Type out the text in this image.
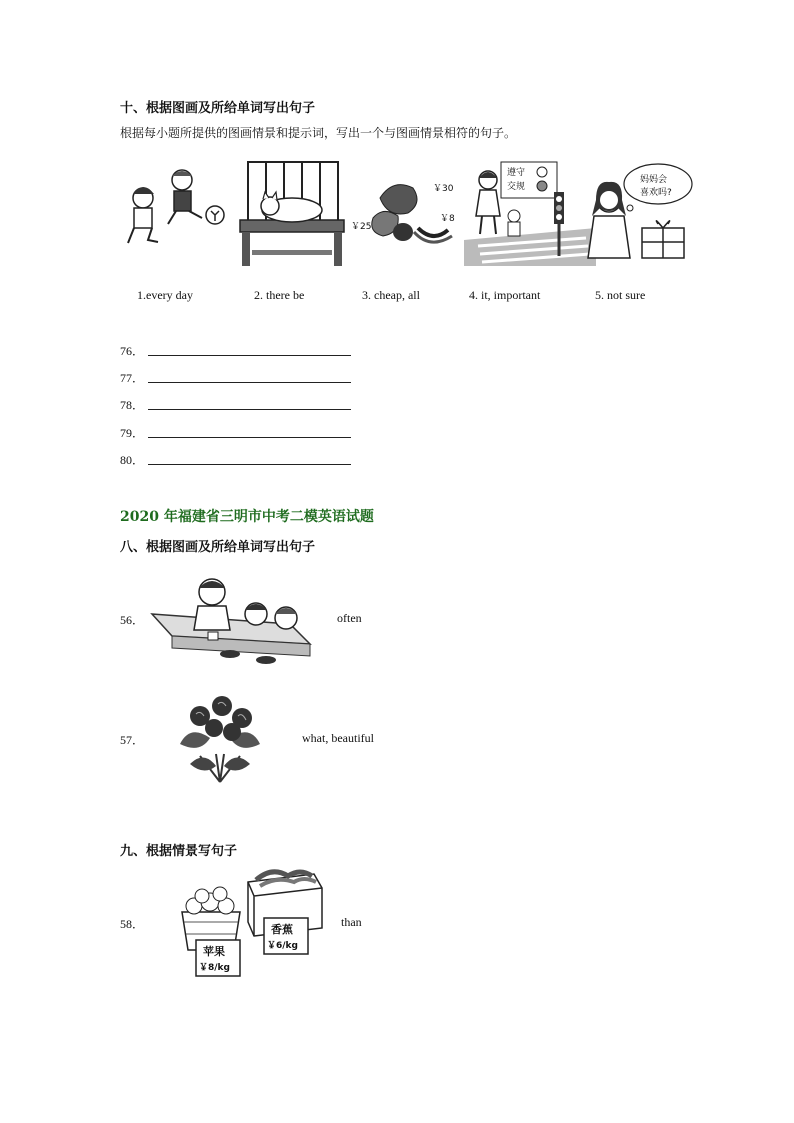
十、根据图画及所给单词写出句子
根据每小题所提供的图画情景和提示词，写出一个与图画情景相符的句子。
￥30
￥25
￥8
遵守
交规
妈妈会
喜欢吗?
1.every day	2. there be	3. cheap, all	4. it, important	5. not sure
76．
77．
78．
79．
80．
2020 年福建省三明市中考二模英语试题
八、根据图画及所给单词写出句子
56．	often
57．	what, beautiful
九、根据情景写句子
58．
苹果
￥8/kg
香蕉
￥6/kg
than
